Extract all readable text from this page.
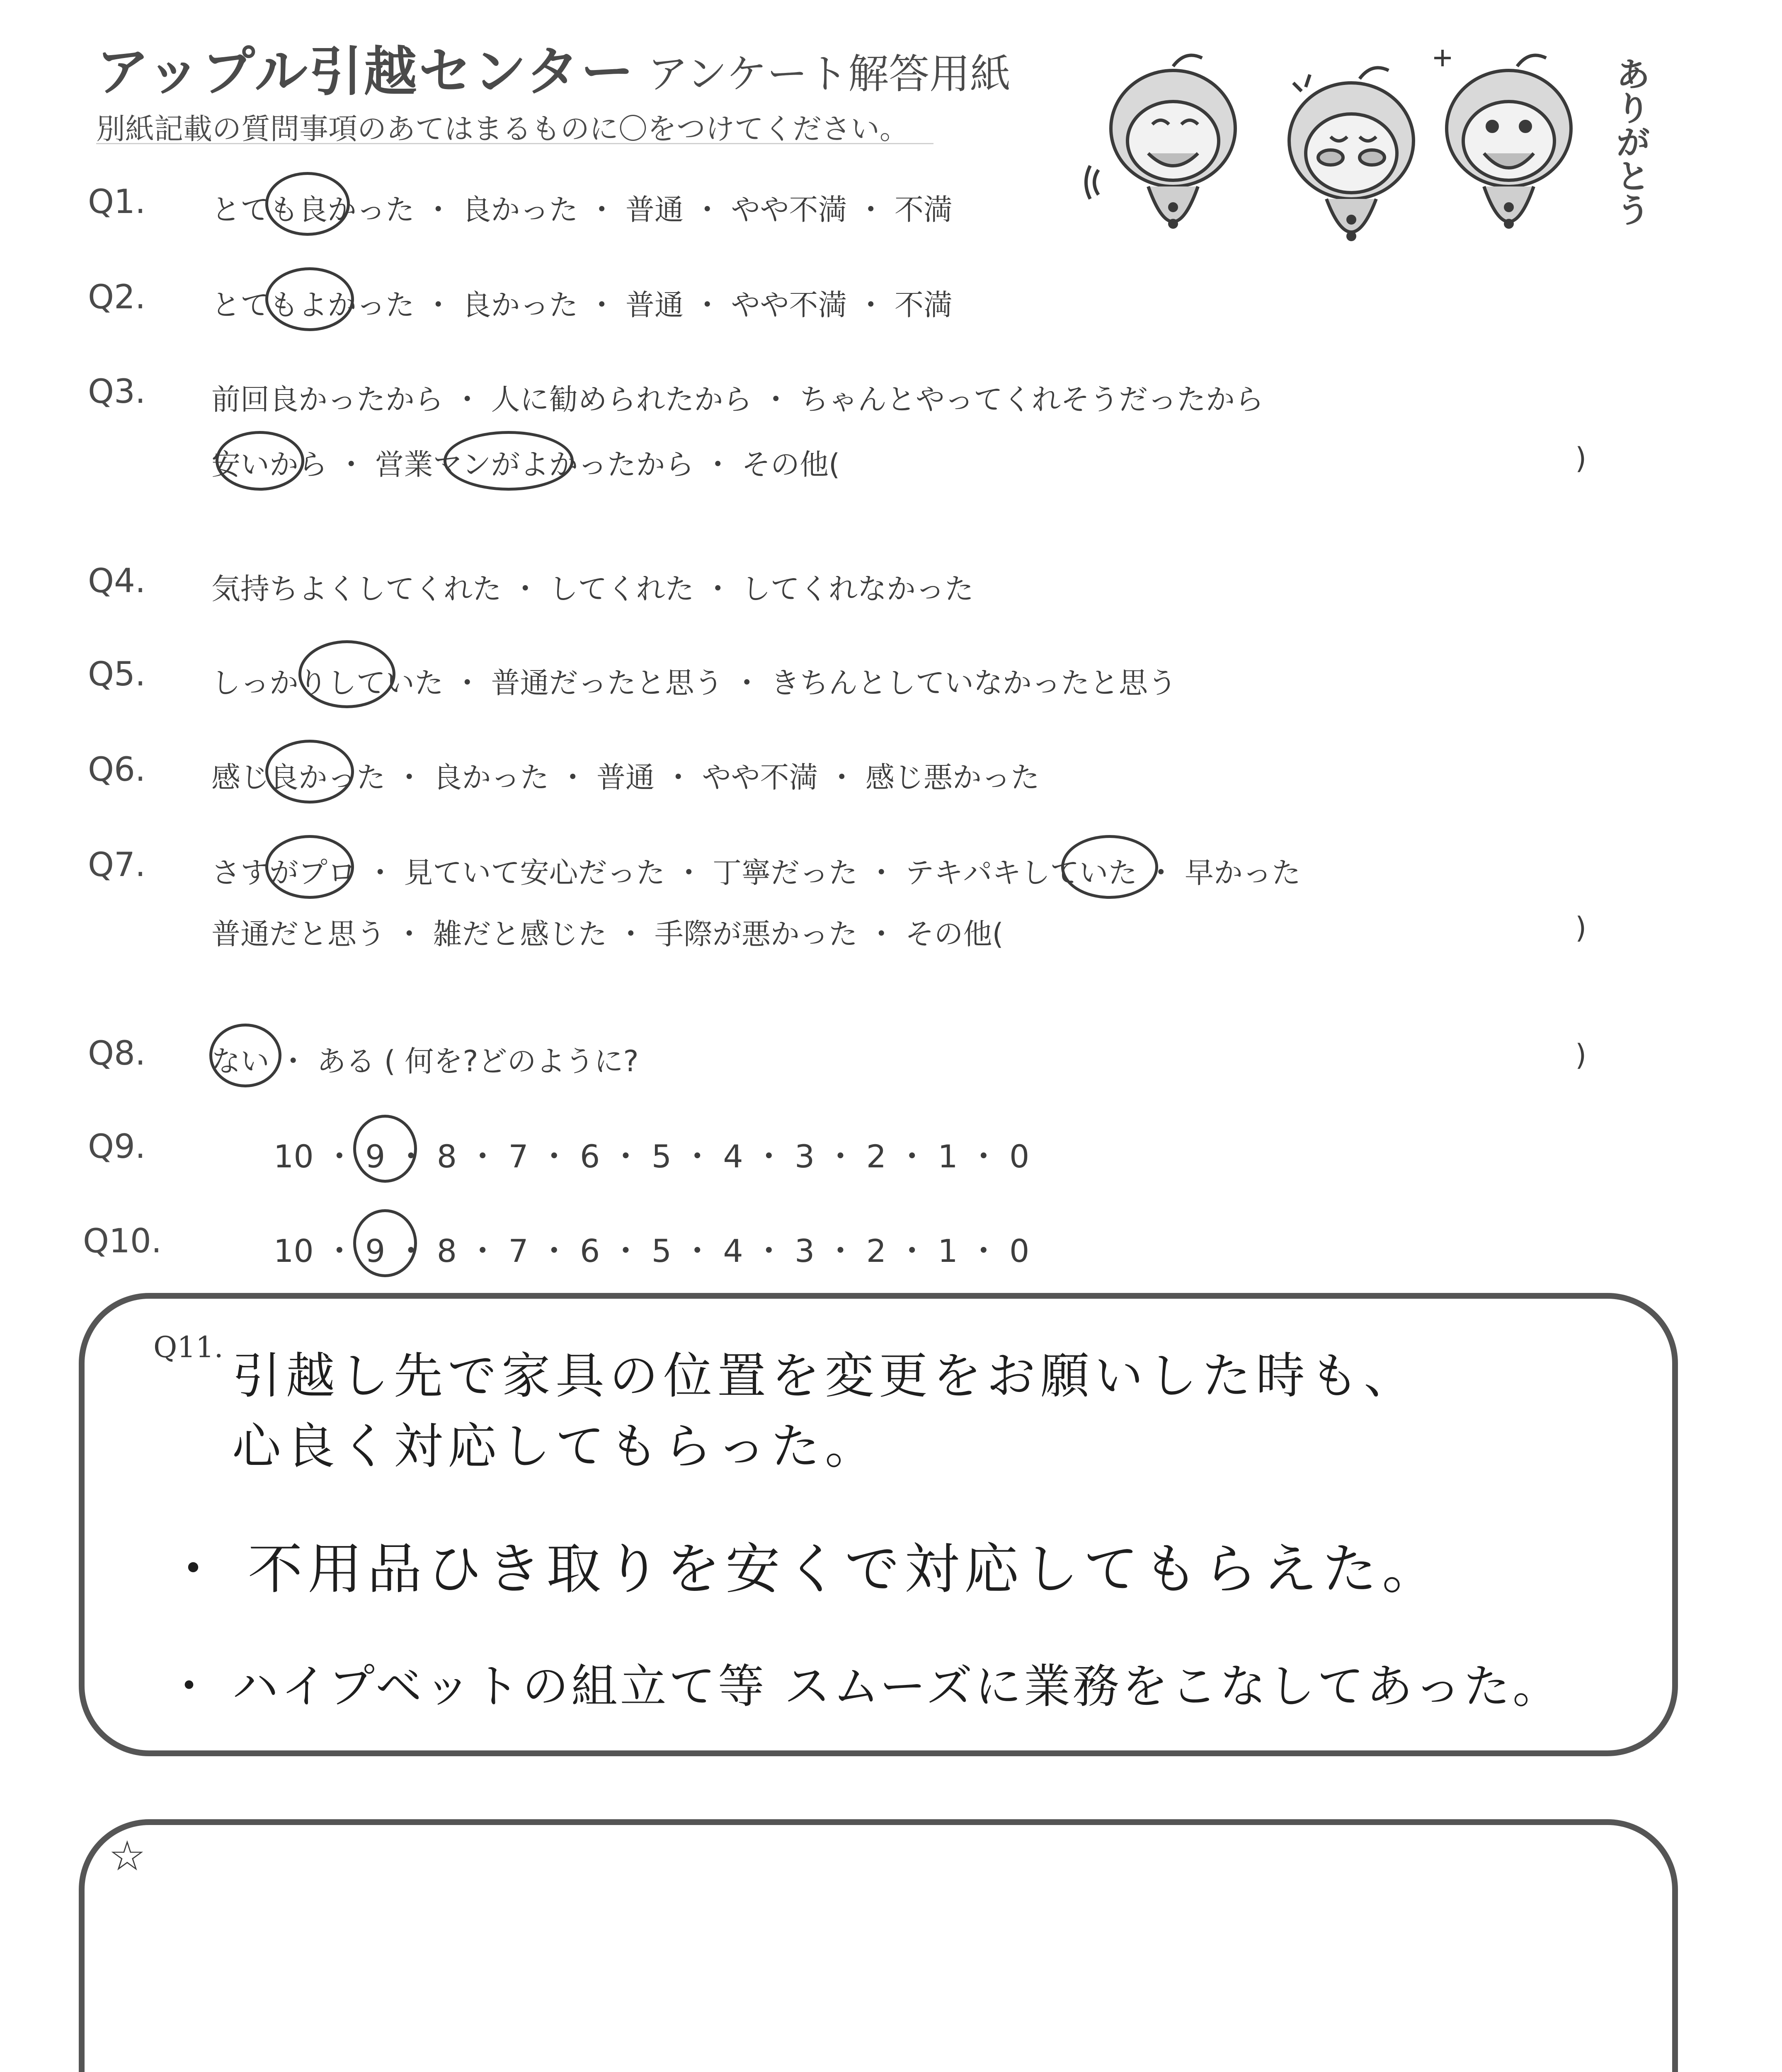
アップル引越センター アンケート解答用紙
別紙記載の質問事項のあてはまるものに〇をつけてください。
ありがとう
Q1. とても良かった ・ 良かった ・ 普通 ・ やや不満 ・ 不満
Q2. とてもよかった ・ 良かった ・ 普通 ・ やや不満 ・ 不満
Q3. 前回良かったから ・ 人に勧められたから ・ ちゃんとやってくれそうだったから
安いから ・ 営業マンがよかったから ・ その他(	)
Q4. 気持ちよくしてくれた ・ してくれた ・ してくれなかった
Q5. しっかりしていた ・ 普通だったと思う ・ きちんとしていなかったと思う
Q6. 感じ良かった ・ 良かった ・ 普通 ・ やや不満 ・ 感じ悪かった
Q7. さすがプロ ・ 見ていて安心だった ・ 丁寧だった ・ テキパキしていた ・ 早かった
普通だと思う ・ 雑だと感じた ・ 手際が悪かった ・ その他(	)
Q8. ない ・ ある ( 何を?どのように?	)
Q9.	10 ・ 9 ・ 8 ・ 7 ・ 6 ・ 5 ・ 4 ・ 3 ・ 2 ・ 1 ・ 0
Q10.	10 ・ 9 ・ 8 ・ 7 ・ 6 ・ 5 ・ 4 ・ 3 ・ 2 ・ 1 ・ 0
Q11. 引越し先で家具の位置を変更をお願いした時も、
心良く対応してもらった。
・ 不用品ひき取りを安くで対応してもらえた。
・ ハイプベットの組立て等 スムーズに業務をこなしてあった。
☆
